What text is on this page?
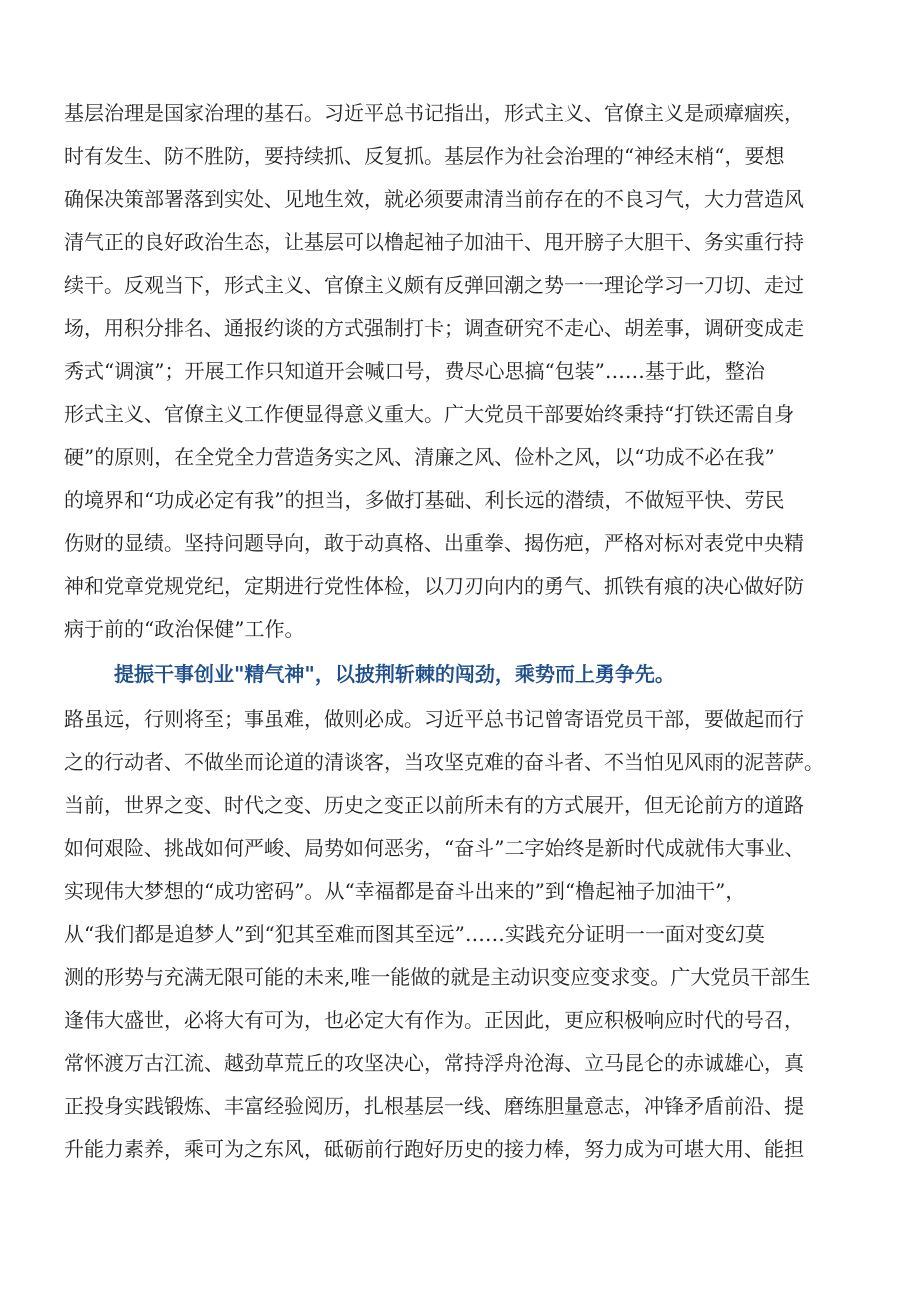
基层治理是国家治理的基石。习近平总书记指出，形式主义、官僚主义是顽瘴痼疾，
时有发生、防不胜防，要持续抓、反复抓。基层作为社会治理的“神经末梢“，要想
确保决策部署落到实处、见地生效，就必须要肃清当前存在的不良习气，大力营造风
清气正的良好政治生态，让基层可以橹起袖子加油干、甩开膀子大胆干、务实重行持
续干。反观当下，形式主义、官僚主义颇有反弹回潮之势一一理论学习一刀切、走过
场，用积分排名、通报约谈的方式强制打卡；调查研究不走心、胡差事，调研变成走
秀式“调演”；开展工作只知道开会喊口号，费尽心思搞“包装”……基于此，整治
形式主义、官僚主义工作便显得意义重大。广大党员干部要始终秉持“打铁还需自身
硬”的原则，在全党全力营造务实之风、清廉之风、俭朴之风，以“功成不必在我”
的境界和“功成必定有我”的担当，多做打基础、利长远的潜绩，不做短平快、劳民
伤财的显绩。坚持问题导向，敢于动真格、出重拳、揭伤疤，严格对标对表党中央精
神和党章党规党纪，定期进行党性体检，以刀刃向内的勇气、抓铁有痕的决心做好防
病于前的“政治保健”工作。
提振干事创业"精气神"，以披荆斩棘的闯劲，乘势而上勇争先。
路虽远，行则将至；事虽难，做则必成。习近平总书记曾寄语党员干部，要做起而行
之的行动者、不做坐而论道的清谈客，当攻坚克难的奋斗者、不当怕见风雨的泥菩萨。
当前，世界之变、时代之变、历史之变正以前所未有的方式展开，但无论前方的道路
如何艰险、挑战如何严峻、局势如何恶劣，“奋斗”二字始终是新时代成就伟大事业、
实现伟大梦想的“成功密码”。从“幸福都是奋斗出来的”到“橹起袖子加油干”，
从“我们都是追梦人”到“犯其至难而图其至远”……实践充分证明一一面对变幻莫
测的形势与充满无限可能的未来,唯一能做的就是主动识变应变求变。广大党员干部生
逢伟大盛世，必将大有可为，也必定大有作为。正因此，更应积极响应时代的号召，
常怀渡万古江流、越劲草荒丘的攻坚决心，常持浮舟沧海、立马昆仑的赤诚雄心，真
正投身实践锻炼、丰富经验阅历，扎根基层一线、磨练胆量意志，冲锋矛盾前沿、提
升能力素养，乘可为之东风，砥砺前行跑好历史的接力棒，努力成为可堪大用、能担
